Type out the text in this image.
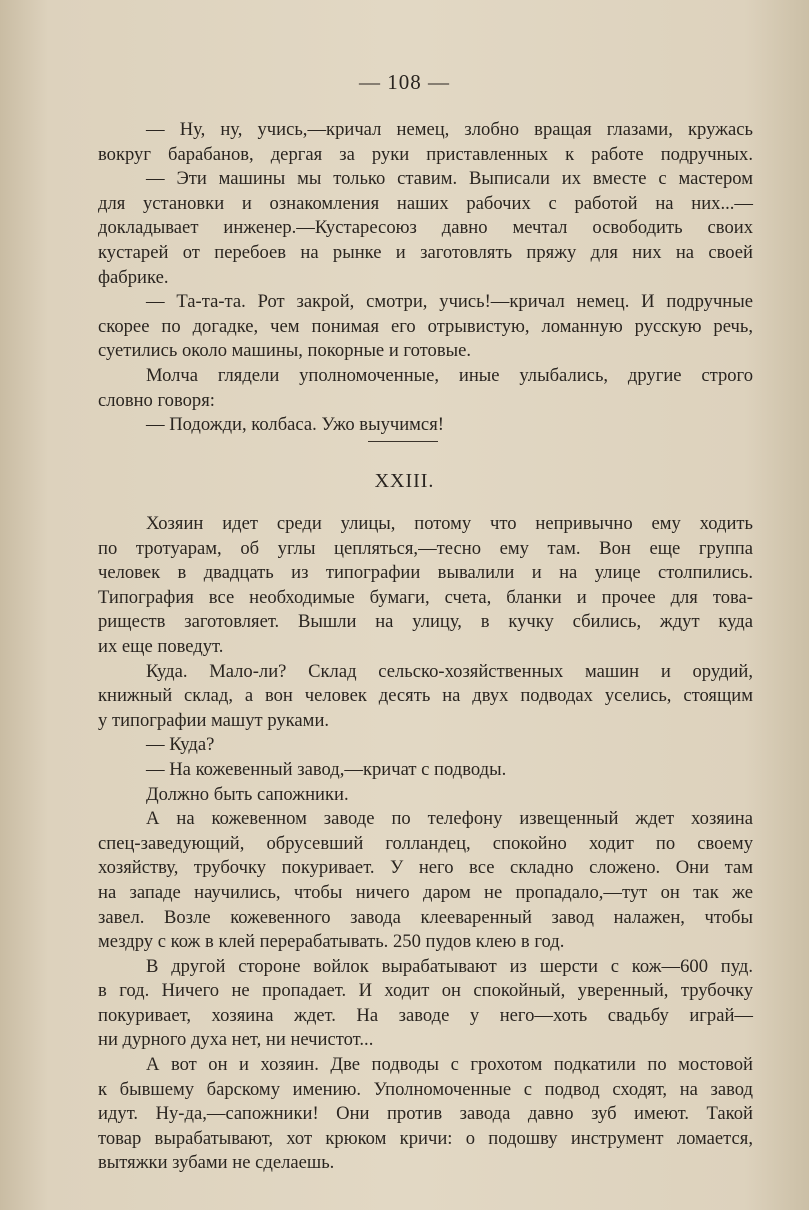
— 108 —
— Ну, ну, учись,—кричал немец, злобно вращая глазами, кружась
вокруг барабанов, дергая за руки приставленных к работе подручных.
— Эти машины мы только ставим. Выписали их вместе с мастером
для установки и ознакомления наших рабочих с работой на них...—
докладывает инженер.—Кустаресоюз давно мечтал освободить своих
кустарей от перебоев на рынке и заготовлять пряжу для них на своей
фабрике.
— Та-та-та. Рот закрой, смотри, учись!—кричал немец. И подручные
скорее по догадке, чем понимая его отрывистую, ломанную русскую речь,
суетились около машины, покорные и готовые.
Молча глядели уполномоченные, иные улыбались, другие строго
словно говоря:
— Подожди, колбаса. Ужо выучимся!
XXIII.
Хозяин идет среди улицы, потому что непривычно ему ходить
по тротуарам, об углы цепляться,—тесно ему там. Вон еще группа
человек в двадцать из типографии вывалили и на улице столпились.
Типография все необходимые бумаги, счета, бланки и прочее для това-
риществ заготовляет. Вышли на улицу, в кучку сбились, ждут куда
их еще поведут.
Куда. Мало-ли? Склад сельско-хозяйственных машин и орудий,
книжный склад, а вон человек десять на двух подводах уселись, стоящим
у типографии машут руками.
— Куда?
— На кожевенный завод,—кричат с подводы.
Должно быть сапожники.
А на кожевенном заводе по телефону извещенный ждет хозяина
спец-заведующий, обрусевший голландец, спокойно ходит по своему
хозяйству, трубочку покуривает. У него все складно сложено. Они там
на западе научились, чтобы ничего даром не пропадало,—тут он так же
завел. Возле кожевенного завода клееваренный завод налажен, чтобы
мездру с кож в клей перерабатывать. 250 пудов клею в год.
В другой стороне войлок вырабатывают из шерсти с кож—600 пуд.
в год. Ничего не пропадает. И ходит он спокойный, уверенный, трубочку
покуривает, хозяина ждет. На заводе у него—хоть свадьбу играй—
ни дурного духа нет, ни нечистот...
А вот он и хозяин. Две подводы с грохотом подкатили по мостовой
к бывшему барскому имению. Уполномоченные с подвод сходят, на завод
идут. Ну-да,—сапожники! Они против завода давно зуб имеют. Такой
товар вырабатывают, хот крюком кричи: о подошву инструмент ломается,
вытяжки зубами не сделаешь.
